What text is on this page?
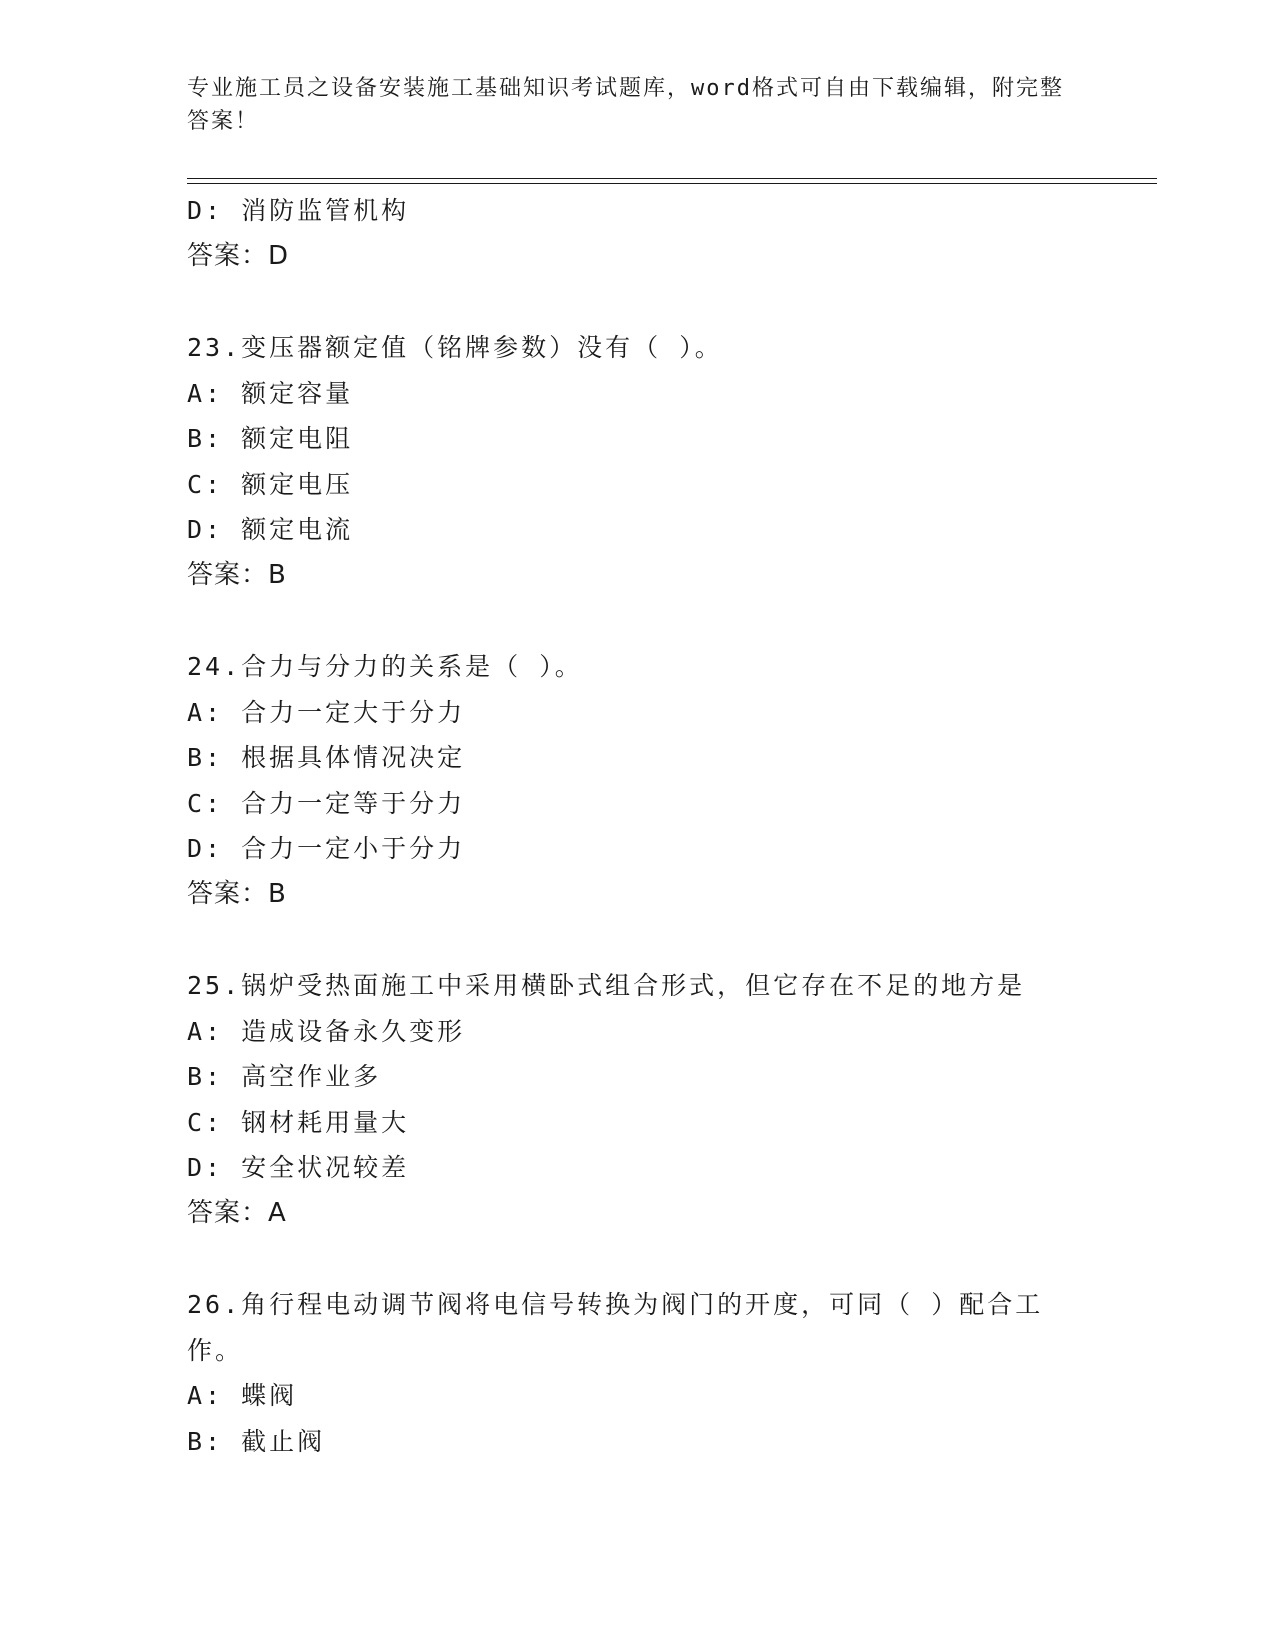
专业施工员之设备安装施工基础知识考试题库，word格式可自由下载编辑，附完整答案！
D: 消防监管机构
答案：D
23.变压器额定值（铭牌参数）没有（ ）。
A: 额定容量
B: 额定电阻
C: 额定电压
D: 额定电流
答案：B
24.合力与分力的关系是（ ）。
A: 合力一定大于分力
B: 根据具体情况决定
C: 合力一定等于分力
D: 合力一定小于分力
答案：B
25.锅炉受热面施工中采用横卧式组合形式，但它存在不足的地方是
A: 造成设备永久变形
B: 高空作业多
C: 钢材耗用量大
D: 安全状况较差
答案：A
26.角行程电动调节阀将电信号转换为阀门的开度，可同（ ）配合工作。
A: 蝶阀
B: 截止阀
